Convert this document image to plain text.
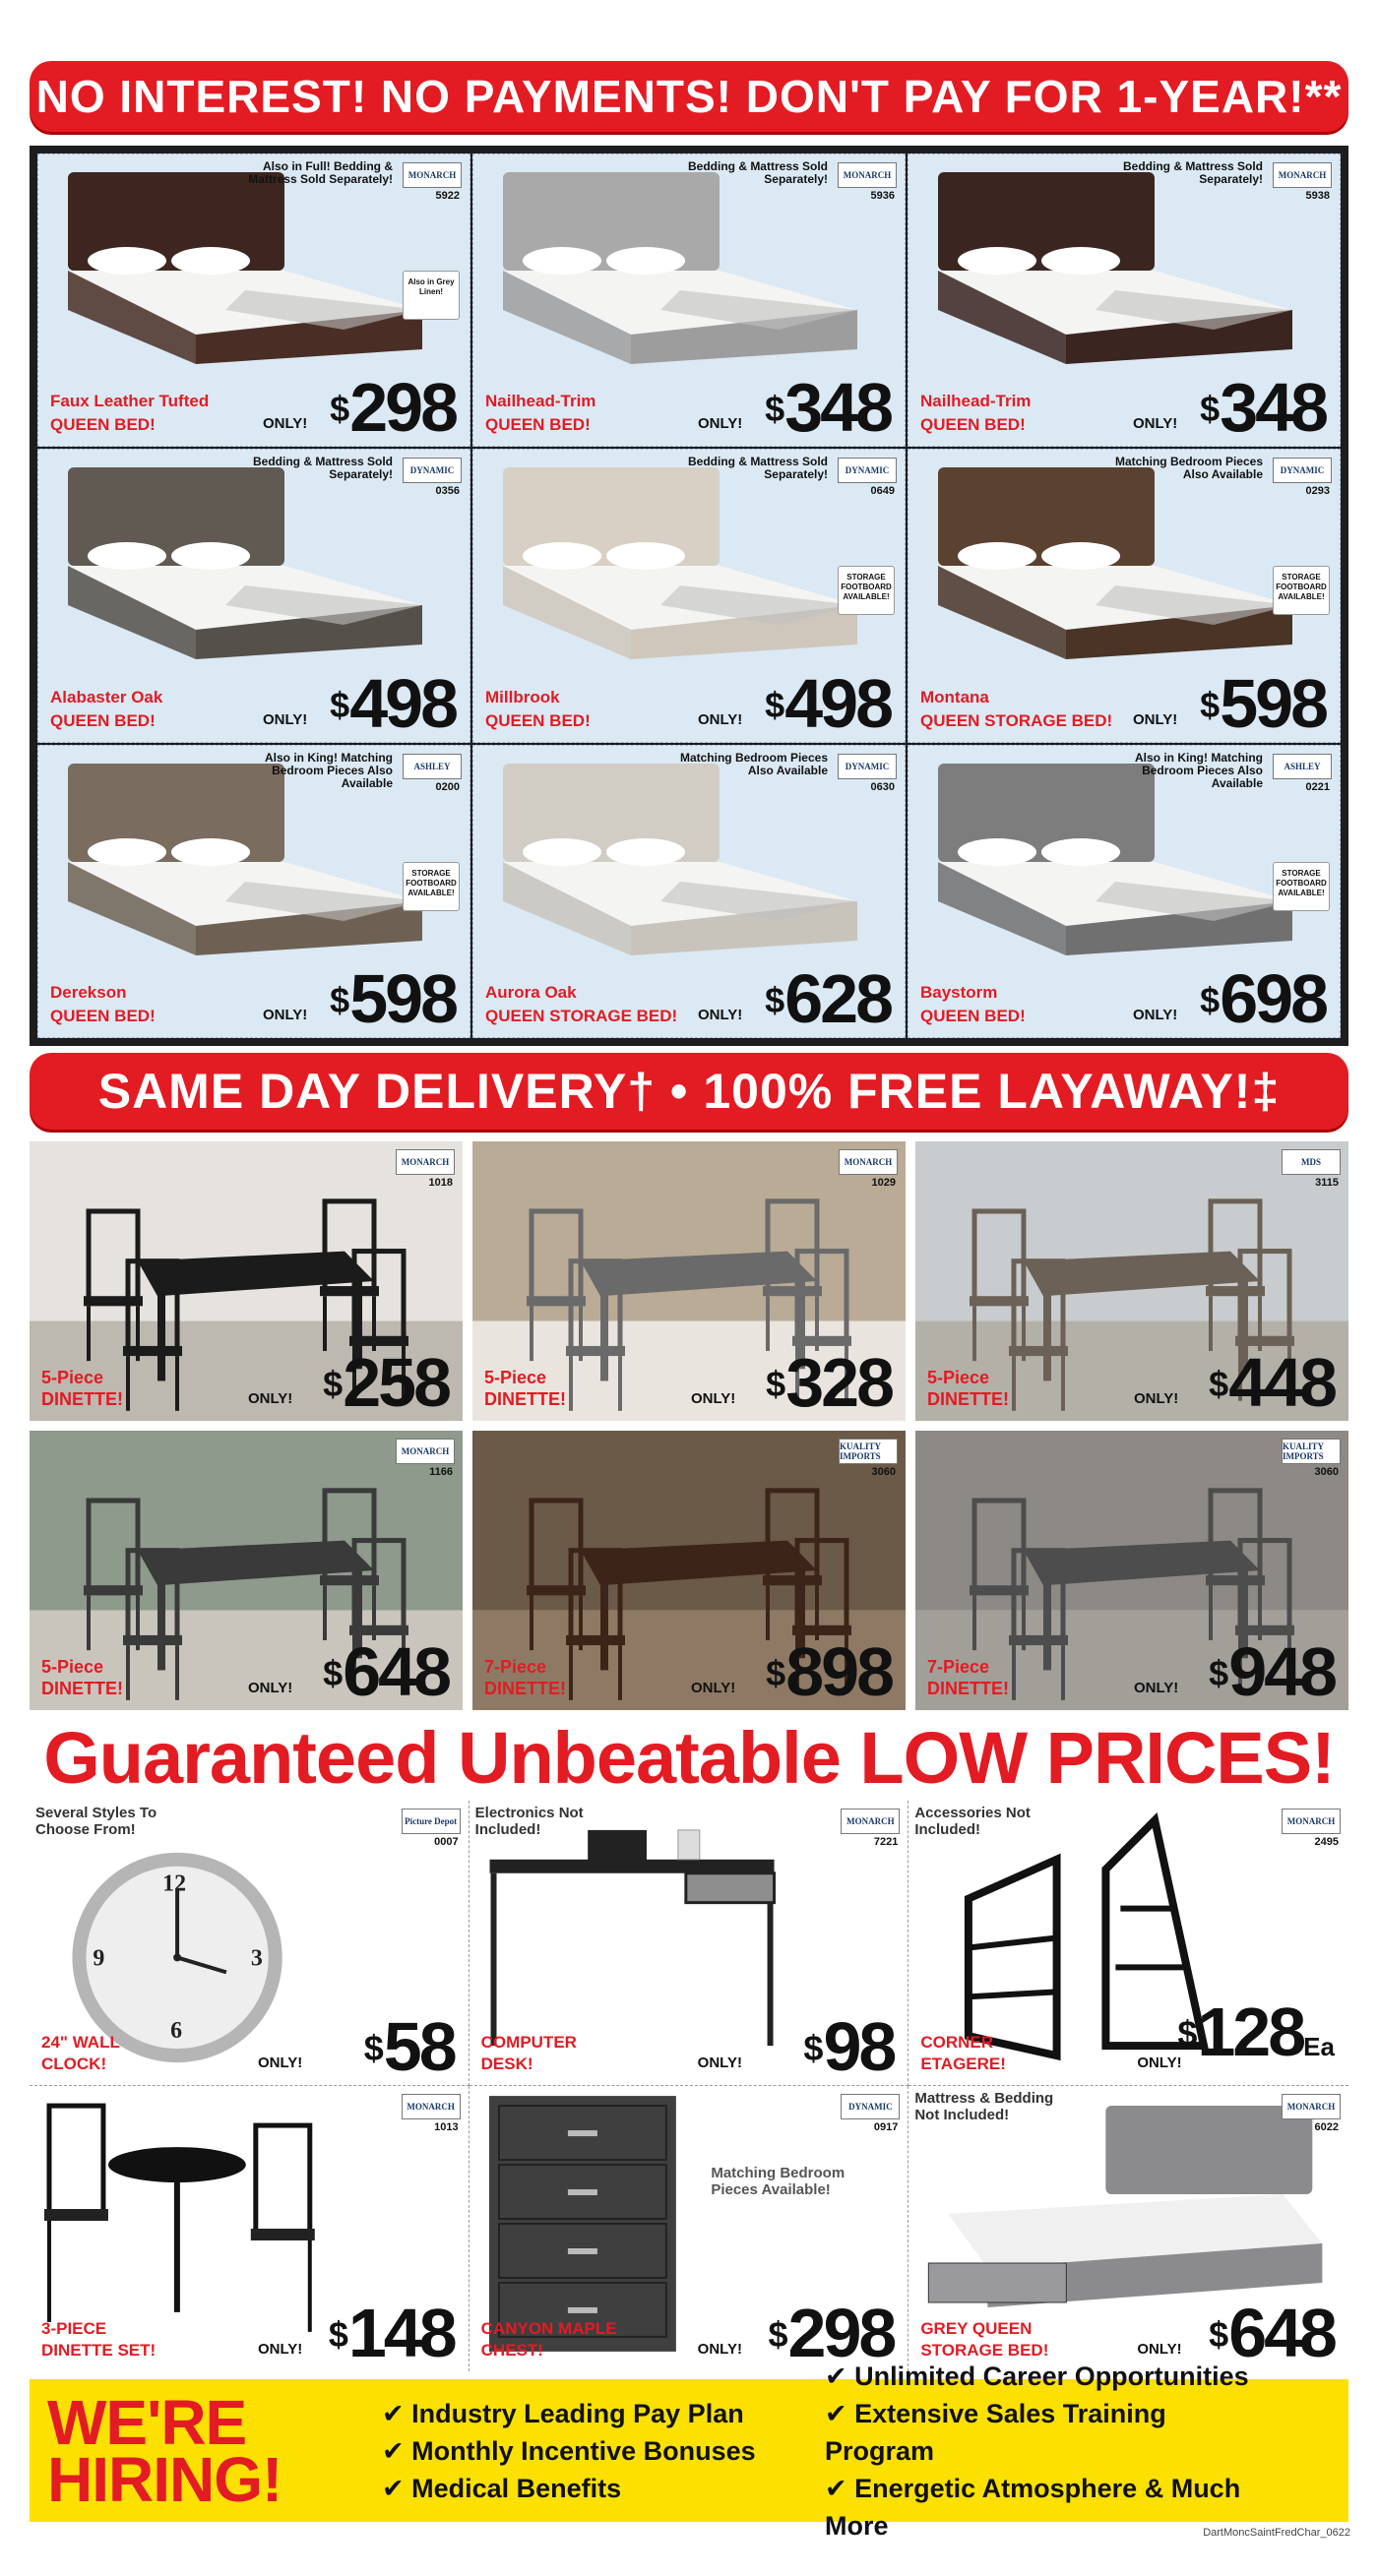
NO INTEREST! NO PAYMENTS! DON'T PAY FOR 1-YEAR!**
Also in Full! Bedding & Mattress Sold Separately!	MONARCH
5922
Also in Grey Linen!
Faux Leather Tufted
QUEEN BED!	ONLY! $298
Bedding & Mattress Sold Separately!	MONARCH
5936
Nailhead-Trim
QUEEN BED!	ONLY! $348
Bedding & Mattress Sold Separately!	MONARCH
5938
Nailhead-Trim
QUEEN BED!	ONLY! $348
Bedding & Mattress Sold Separately!	DYNAMIC
0356
Alabaster Oak
QUEEN BED!	ONLY! $498
Bedding & Mattress Sold Separately!	DYNAMIC
0649
STORAGE FOOTBOARD AVAILABLE!
Millbrook
QUEEN BED!	ONLY! $498
Matching Bedroom Pieces Also Available	DYNAMIC
0293
STORAGE FOOTBOARD AVAILABLE!
Montana
QUEEN STORAGE BED! ONLY! $598
Also in King! Matching Bedroom Pieces Also Available
ASHLEY
0200
STORAGE FOOTBOARD AVAILABLE!
Derekson
QUEEN BED!	ONLY! $598
Matching Bedroom Pieces Also Available	DYNAMIC
0630
Aurora Oak
QUEEN STORAGE BED! ONLY! $628
Also in King! Matching Bedroom Pieces Also Available
ASHLEY
0221
STORAGE FOOTBOARD AVAILABLE!
Baystorm
QUEEN BED!	ONLY! $698
SAME DAY DELIVERY† • 100% FREE LAYAWAY!‡
MONARCH
1018
5-Piece
DINETTE!	ONLY! $258
MONARCH
1029
5-Piece
DINETTE!	ONLY! $328
MDS
3115
5-Piece
DINETTE!	ONLY! $448
MONARCH
1166
5-Piece
DINETTE!	ONLY! $648
KUALITY IMPORTS
3060
7-Piece
DINETTE!	ONLY! $898
KUALITY IMPORTS
3060
7-Piece
DINETTE!	ONLY! $948
Guaranteed Unbeatable LOW PRICES!
12
3
6
9
Several Styles To Choose From!	Picture Depot
0007
24" WALL
CLOCK!	ONLY! $58
Electronics Not Included!	MONARCH
7221
COMPUTER
DESK!	ONLY! $98
Accessories Not Included!	MONARCH
2495
CORNER
ETAGERE!	ONLY!
$128Ea
MONARCH
1013
3-PIECE
DINETTE SET!	ONLY! $148
Matching Bedroom Pieces Available!
DYNAMIC
0917
CANYON MAPLE
CHEST!	ONLY! $298
Mattress & Bedding Not Included!	MONARCH
6022
GREY QUEEN
STORAGE BED!	ONLY! $648
WE'RE
HIRING!
✔ Industry Leading Pay Plan
✔ Monthly Incentive Bonuses
✔ Medical Benefits
✔ Unlimited Career Opportunities
✔ Extensive Sales Training Program
✔ Energetic Atmosphere & Much More	DartMoncSaintFredChar_0622
